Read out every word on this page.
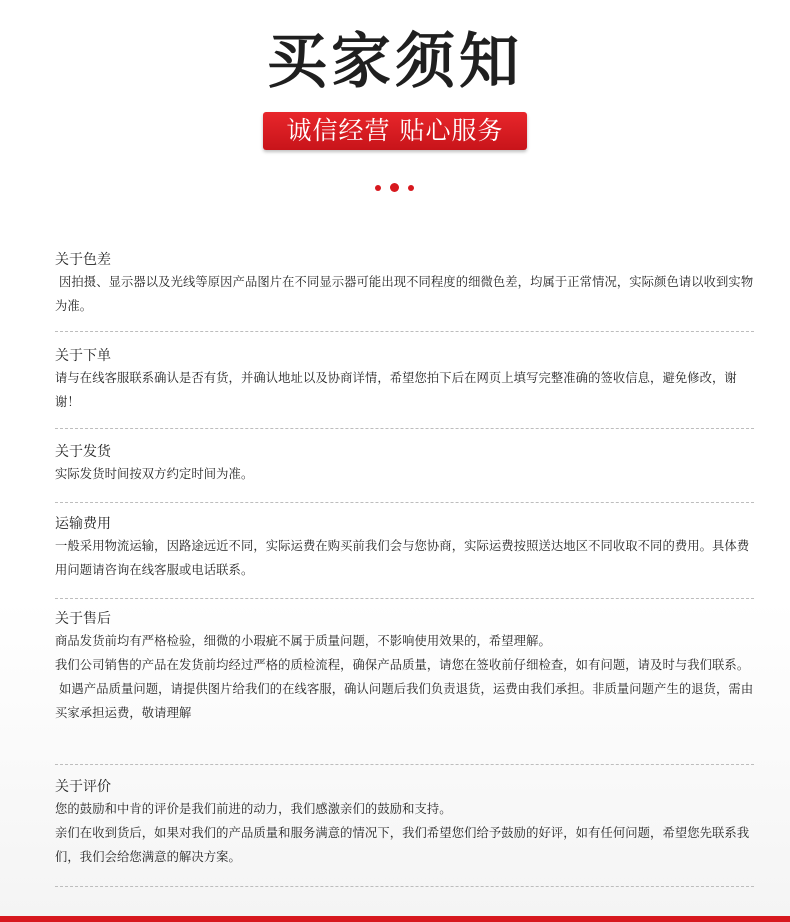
买家须知
诚信经营 贴心服务
关于色差

因拍摄、显示器以及光线等原因产品图片在不同显示器可能出现不同程度的细微色差，均属于正常情况，实际颜色请以收到实物为准。

关于下单

请与在线客服联系确认是否有货，并确认地址以及协商详情，希望您拍下后在网页上填写完整准确的签收信息，避免修改，谢谢！

关于发货

实际发货时间按双方约定时间为准。

运输费用

一般采用物流运输，因路途远近不同，实际运费在购买前我们会与您协商，实际运费按照送达地区不同收取不同的费用。具体费用问题请咨询在线客服或电话联系。

关于售后

商品发货前均有严格检验，细微的小瑕疵不属于质量问题，不影响使用效果的，希望理解。

我们公司销售的产品在发货前均经过严格的质检流程，确保产品质量，请您在签收前仔细检查，如有问题，请及时与我们联系。

如遇产品质量问题，请提供图片给我们的在线客服，确认问题后我们负责退货，运费由我们承担。非质量问题产生的退货，需由买家承担运费，敬请理解

关于评价

您的鼓励和中肯的评价是我们前进的动力，我们感激亲们的鼓励和支持。

亲们在收到货后，如果对我们的产品质量和服务满意的情况下，我们希望您们给予鼓励的好评，如有任何问题，希望您先联系我们，我们会给您满意的解决方案。
